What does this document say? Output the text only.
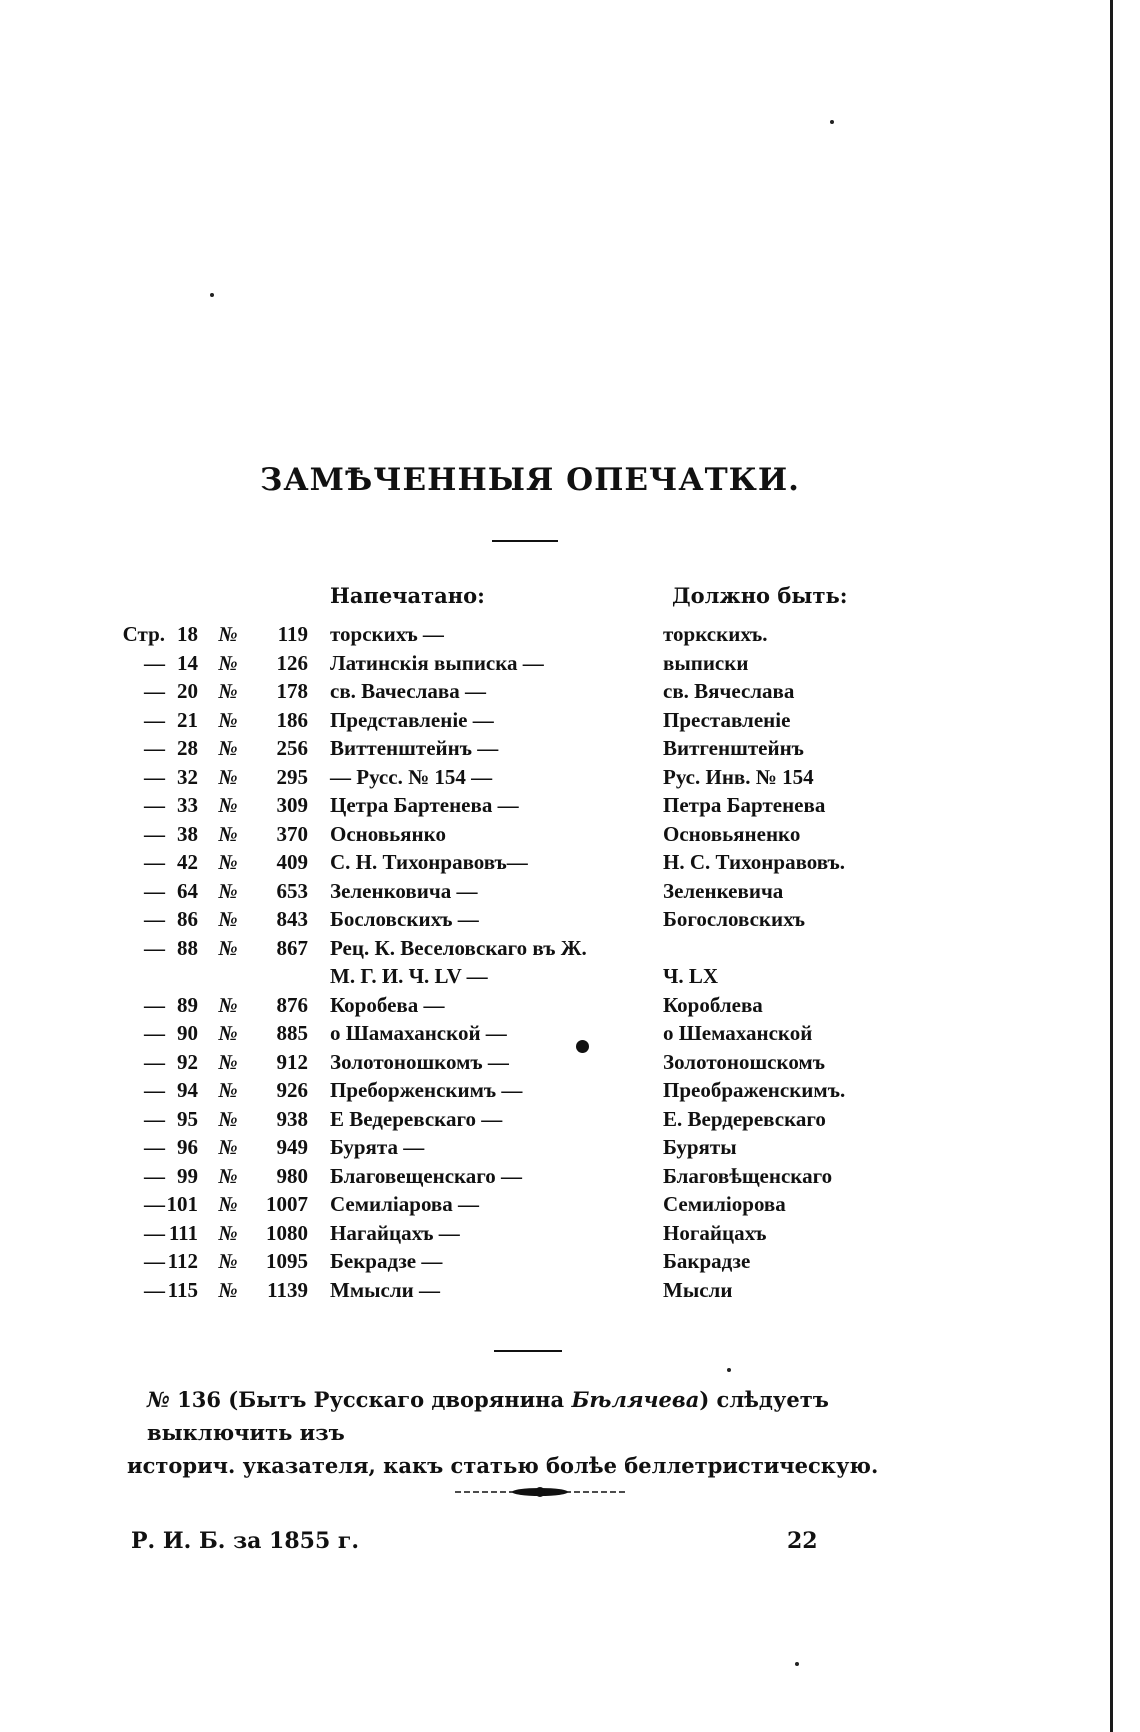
ЗАМѢЧЕННЫЯ ОПЕЧАТКИ.
Напечатано:	Должно быть:
Стр. 18 №	119 торскихъ —	торкскихъ.
— 14 №	126 Латинскія выписка —	выписки
— 20 №	178 св. Вачеслава —	св. Вячеслава
— 21 №	186 Представленіе —	Преставленіе
— 28 №	256 Виттенштейнъ —	Витгенштейнъ
— 32 №	295 — Русс. № 154 —	Рус. Инв. № 154
— 33 №	309 Цетра Бартенева —	Петра Бартенева
— 38 №	370 Основьянко	Основьяненко
— 42 №	409 С. Н. Тихонравовъ—	Н. С. Тихонравовъ.
— 64 №	653 Зеленковича —	Зеленкевича
— 86 №	843 Бословскихъ —	Богословскихъ
— 88 №	867 Рец. К. Веселовскаго въ Ж.
М. Г. И. Ч. LV —	Ч. LX
— 89 №	876 Коробева —	Короблева
— 90 №	885 о Шамаханской —	о Шемаханской
— 92 №	912 Золотоношкомъ —	Золотоношскомъ
— 94 №	926 Преборженскимъ —	Преображенскимъ.
— 95 №	938 Е Ведеревскаго —	Е. Вердеревскаго
— 96 №	949 Бурята —	Буряты
— 99 №	980 Благовещенскаго —	Благовѣщенскаго
— 101 №	1007 Семиліарова —	Семиліорова
— 111 №	1080 Нагайцахъ —	Ногайцахъ
— 112 №	1095 Бекрадзе —	Бакрадзе
— 115 №	1139 Ммысли —	Мысли
№ 136 (Бытъ Русскаго дворянина Бѣлячева) слѣдуетъ выключить изъ
историч. указателя, какъ статью болѣе беллетристическую.
Р. И. Б. за 1855 г.	22
